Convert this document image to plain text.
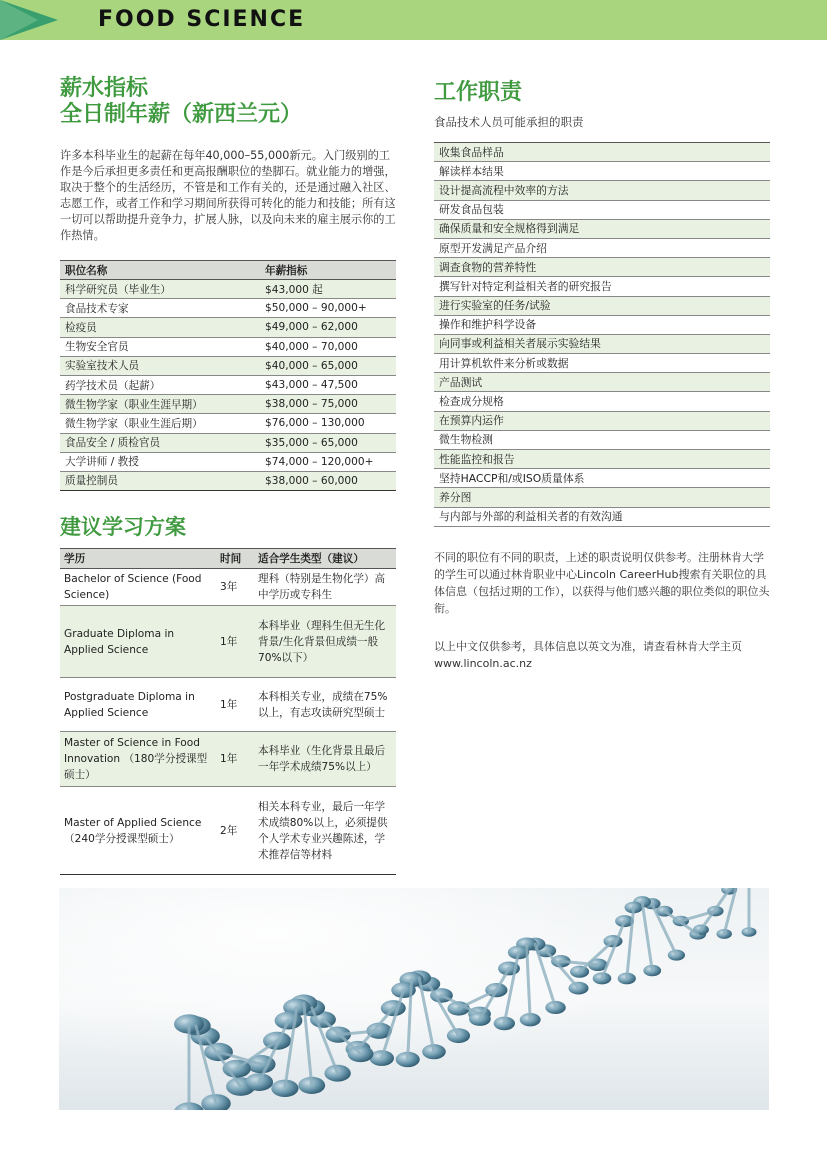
FOOD SCIENCE
薪水指标
全日制年薪（新西兰元）

许多本科毕业生的起薪在每年40,000–55,000新元。入门级别的工作是今后承担更多责任和更高报酬职位的垫脚石。就业能力的增强，取决于整个的生活经历，不管是和工作有关的，还是通过融入社区、志愿工作，或者工作和学习期间所获得可转化的能力和技能；所有这一切可以帮助提升竞争力，扩展人脉，以及向未来的雇主展示你的工作热情。

职位名称	年薪指标
科学研究员（毕业生）	$43,000 起
食品技术专家	$50,000 – 90,000+
检疫员	$49,000 – 62,000
生物安全官员	$40,000 – 70,000
实验室技术人员	$40,000 – 65,000
药学技术员（起薪）	$43,000 – 47,500
微生物学家（职业生涯早期）	$38,000 – 75,000
微生物学家（职业生涯后期）	$76,000 – 130,000
食品安全 / 质检官员	$35,000 – 65,000
大学讲师 / 教授	$74,000 – 120,000+
质量控制员	$38,000 – 60,000
工作职责
食品技术人员可能承担的职责
收集食品样品
解读样本结果
设计提高流程中效率的方法
研发食品包装
确保质量和安全规格得到满足
原型开发满足产品介绍
调查食物的营养特性
撰写针对特定利益相关者的研究报告
进行实验室的任务/试验
操作和维护科学设备
向同事或利益相关者展示实验结果
用计算机软件来分析或数据
产品测试
检查成分规格
在预算内运作
微生物检测
性能监控和报告
坚持HACCP和/或ISO质量体系
养分图
与内部与外部的利益相关者的有效沟通

不同的职位有不同的职责，上述的职责说明仅供参考。注册林肯大学的学生可以通过林肯职业中心Lincoln CareerHub搜索有关职位的具体信息（包括过期的工作），以获得与他们感兴趣的职位类似的职位头衔。

以上中文仅供参考，具体信息以英文为准，请查看林肯大学主页www.lincoln.ac.nz

建议学习方案
学历	时间	适合学生类型（建议）
Bachelor of Science (Food Science)	3年	理科（特别是生物化学）高中学历或专科生
Graduate Diploma in Applied Science	1年	本科毕业（理科生但无生化背景/生化背景但成绩一般70%以下）
Postgraduate Diploma in Applied Science	1年	本科相关专业，成绩在75%以上，有志攻读研究型硕士
Master of Science in Food Innovation （180学分授课型硕士）	1年	本科毕业（生化背景且最后一年学术成绩75%以上）
Master of Applied Science（240学分授课型硕士）	2年	相关本科专业，最后一年学术成绩80%以上，必须提供个人学术专业兴趣陈述，学术推荐信等材料
